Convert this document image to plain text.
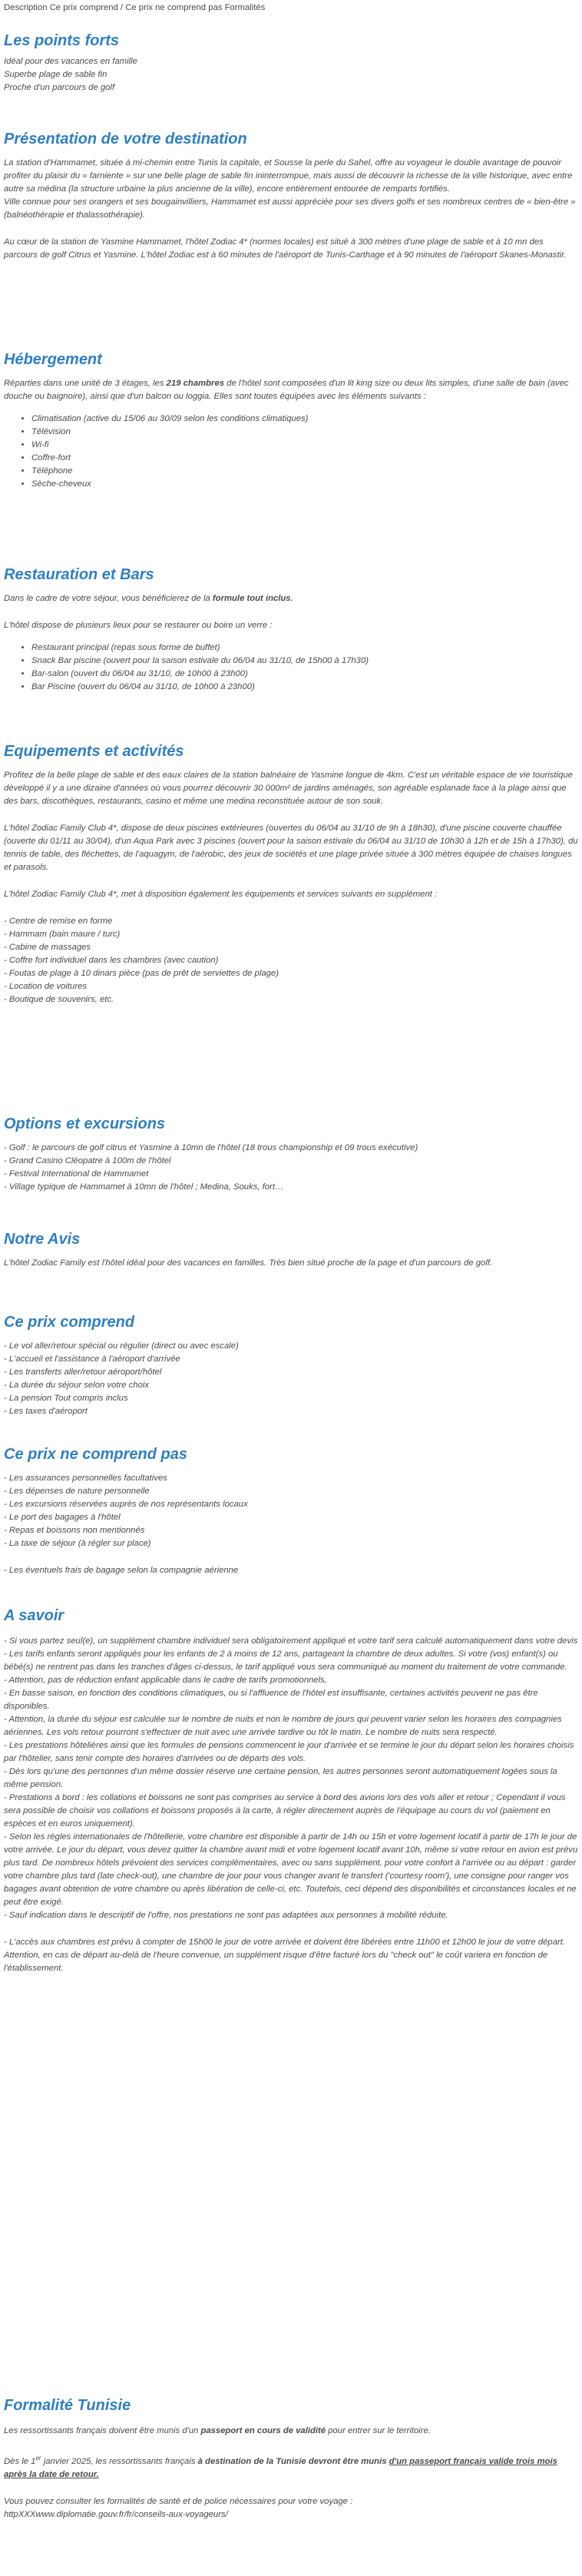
Description Ce prix comprend / Ce prix ne comprend pas Formalités
Les points forts
Idéal pour des vacances en famille
Superbe plage de sable fin
Proche d'un parcours de golf
Présentation de votre destination

La station d'Hammamet, située à mi-chemin entre Tunis la capitale, et Sousse la perle du Sahel, offre au voyageur le double avantage de pouvoir profiter du plaisir du « farniente » sur une belle plage de sable fin ininterrompue, mais aussi de découvrir la richesse de la ville historique, avec entre autre sa médina (la structure urbaine la plus ancienne de la ville), encore entièrement entourée de remparts fortifiés.

Ville connue pour ses orangers et ses bougainvilliers, Hammamet est aussi appréciée pour ses divers golfs et ses nombreux centres de « bien-être » (balnéothérapie et thalassothérapie).

Au cœur de la station de Yasmine Hammamet, l'hôtel Zodiac 4* (normes locales) est situé à 300 mètres d'une plage de sable et à 10 mn des parcours de golf Citrus et Yasmine. L'hôtel Zodiac est à 60 minutes de l'aéroport de Tunis-Carthage et à 90 minutes de l'aéroport Skanes-Monastir.

Hébergement

Réparties dans une unité de 3 étages, les 219 chambres de l'hôtel sont composées d'un lit king size ou deux lits simples, d'une salle de bain (avec douche ou baignoire), ainsi que d'un balcon ou loggia. Elles sont toutes équipées avec les éléments suivants :

• Climatisation (active du 15/06 au 30/09 selon les conditions climatiques)
• Télévision
• Wi-fi
• Coffre-fort
• Téléphone
• Sèche-cheveux
Restauration et Bars

Dans le cadre de votre séjour, vous bénéficierez de la formule tout inclus.

L'hôtel dispose de plusieurs lieux pour se restaurer ou boire un verre :

• Restaurant principal (repas sous forme de buffet)
• Snack Bar piscine (ouvert pour la saison estivale du 06/04 au 31/10, de 15h00 à 17h30)
• Bar-salon (ouvert du 06/04 au 31/10, de 10h00 à 23h00)
• Bar Piscine (ouvert du 06/04 au 31/10, de 10h00 à 23h00)
Equipements et activités

Profitez de la belle plage de sable et des eaux claires de la station balnéaire de Yasmine longue de 4km. C'est un véritable espace de vie touristique développé il y a une dizaine d'années où vous pourrez découvrir 30 000m² de jardins aménagés, son agréable esplanade face à la plage ainsi que des bars, discothèques, restaurants, casino et même une medina reconstituée autour de son souk.

L'hôtel Zodiac Family Club 4*, dispose de deux piscines extérieures (ouvertes du 06/04 au 31/10 de 9h à 18h30), d'une piscine couverte chauffée (ouverte du 01/11 au 30/04), d'un Aqua Park avec 3 piscines (ouvert pour la saison estivale du 06/04 au 31/10 de 10h30 à 12h et de 15h à 17h30), du tennis de table, des fléchettes, de l'aquagym, de l'aérobic, des jeux de sociétés et une plage privée située à 300 mètres équipée de chaises longues et parasols.

L'hôtel Zodiac Family Club 4*, met à disposition également les équipements et services suivants en supplément :

- Centre de remise en forme
- Hammam (bain maure / turc)
- Cabine de massages
- Coffre fort individuel dans les chambres (avec caution)
- Foutas de plage à 10 dinars pièce (pas de prêt de serviettes de plage)
- Location de voitures
- Boutique de souvenirs, etc.
Options et excursions
- Golf : le parcours de golf citrus et Yasmine à 10mn de l'hôtel (18 trous championship et 09 trous exécutive)
- Grand Casino Cléopatre à 100m de l'hôtel
- Festival International de Hammamet
- Village typique de Hammamet à 10mn de l'hôtel ; Medina, Souks, fort…
Notre Avis

L'hôtel Zodiac Family est l'hôtel idéal pour des vacances en familles. Très bien situé proche de la page et d'un parcours de golf.

Ce prix comprend
- Le vol aller/retour spécial ou régulier (direct ou avec escale)
- L'accueil et l'assistance à l'aéroport d'arrivée
- Les transferts aller/retour aéroport/hôtel
- La durée du séjour selon votre choix
- La pension Tout compris inclus
- Les taxes d'aéroport
Ce prix ne comprend pas
- Les assurances personnelles facultatives
- Les dépenses de nature personnelle
- Les excursions réservées auprès de nos représentants locaux
- Le port des bagages à l'hôtel
- Repas et boissons non mentionnés
- La taxe de séjour (à régler sur place)
- Les éventuels frais de bagage selon la compagnie aérienne
A savoir
- Si vous partez seul(e), un supplément chambre individuel sera obligatoirement appliqué et votre tarif sera calculé automatiquement dans votre devis
- Les tarifs enfants seront appliqués pour les enfants de 2 à moins de 12 ans, partageant la chambre de deux adultes. Si votre (vos) enfant(s) ou bébé(s) ne rentrent pas dans les tranches d'âges ci-dessus, le tarif appliqué vous sera communiqué au moment du traitement de votre commande.
- Attention, pas de réduction enfant applicable dans le cadre de tarifs promotionnels.
- En basse saison, en fonction des conditions climatiques, ou si l'affluence de l'hôtel est insuffisante, certaines activités peuvent ne pas être disponibles.
- Attention, la durée du séjour est calculée sur le nombre de nuits et non le nombre de jours qui peuvent varier selon les horaires des compagnies aériennes. Les vols retour pourront s'effectuer de nuit avec une arrivée tardive ou tôt le matin. Le nombre de nuits sera respecté.
- Les prestations hôtelières ainsi que les formules de pensions commencent le jour d'arrivée et se termine le jour du départ selon les horaires choisis par l'hôtelier, sans tenir compte des horaires d'arrivées ou de départs des vols.
- Dès lors qu'une des personnes d'un même dossier réserve une certaine pension, les autres personnes seront automatiquement logées sous la même pension.
- Prestations à bord : les collations et boissons ne sont pas comprises au service à bord des avions lors des vols aller et retour ; Cependant il vous sera possible de choisir vos collations et boissons proposés à la carte, à régler directement auprès de l'équipage au cours du vol (paiement en espèces et en euros uniquement).
- Selon les règles internationales de l'hôtellerie, votre chambre est disponible à partir de 14h ou 15h et votre logement locatif à partir de 17h le jour de votre arrivée. Le jour du départ, vous devez quitter la chambre avant midi et votre logement locatif avant 10h, même si votre retour en avion est prévu plus tard. De nombreux hôtels prévoient des services complémentaires, avec ou sans supplément, pour votre confort à l'arrivée ou au départ : garder votre chambre plus tard (late check-out), une chambre de jour pour vous changer avant le transfert ('courtesy room'), une consigne pour ranger vos bagages avant obtention de votre chambre ou après libération de celle-ci, etc. Toutefois, ceci dépend des disponibilités et circonstances locales et ne peut être exigé.
- Sauf indication dans le descriptif de l'offre, nos prestations ne sont pas adaptées aux personnes à mobilité réduite.
- L'accès aux chambres est prévu à compter de 15h00 le jour de votre arrivée et doivent être libérées entre 11h00 et 12h00 le jour de votre départ. Attention, en cas de départ au-delà de l'heure convenue, un supplément risque d'être facturé lors du "check out" le coût variera en fonction de l'établissement.
Formalité Tunisie

Les ressortissants français doivent être munis d'un passeport en cours de validité pour entrer sur le territoire.

Dès le 1er janvier 2025, les ressortissants français à destination de la Tunisie devront être munis d'un passeport français valide trois mois après la date de retour.

Vous pouvez consulter les formalités de santé et de police nécessaires pour votre voyage :

httpXXXwww.diplomatie.gouv.fr/fr/conseils-aux-voyageurs/
